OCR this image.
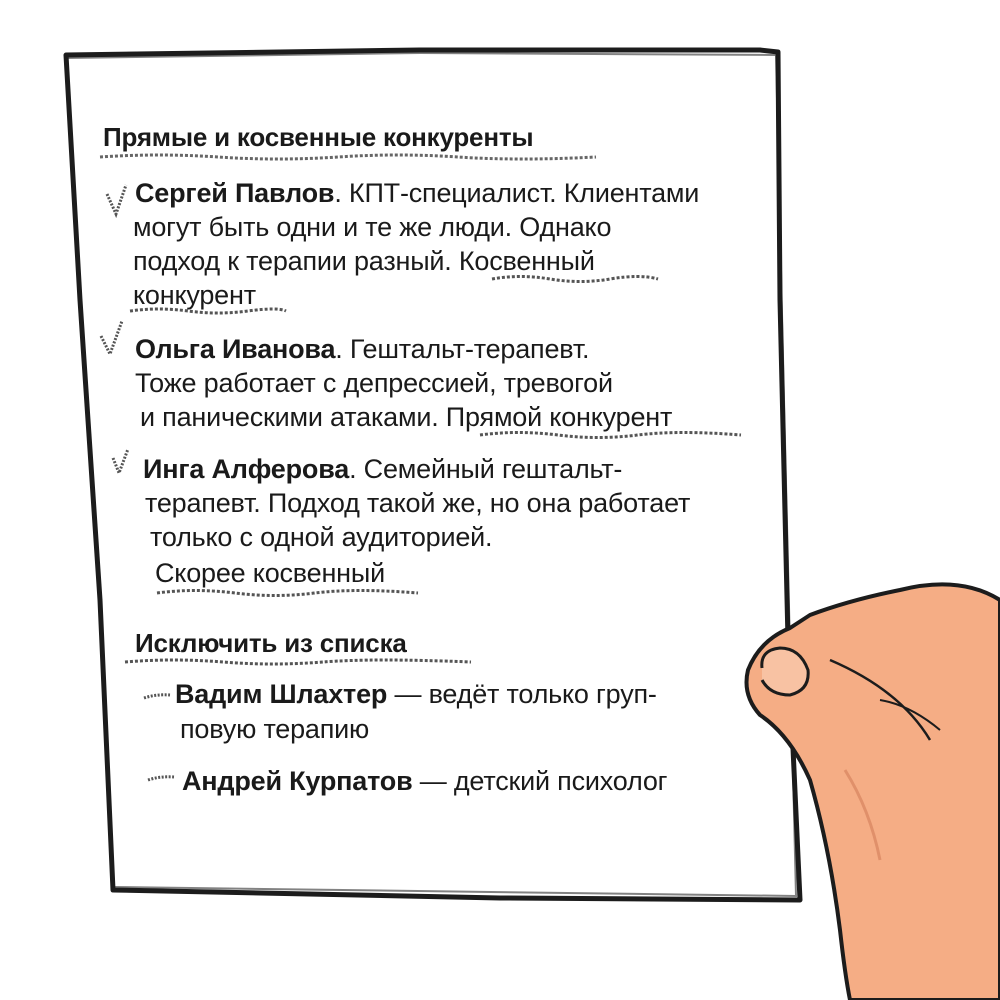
Прямые и косвенные конкуренты
Сергей Павлов. КПТ-специалист. Клиентами
могут быть одни и те же люди. Однако
подход к терапии разный. Косвенный
конкурент
Ольга Иванова. Гештальт-терапевт.
Тоже работает с депрессией, тревогой
и паническими атаками. Прямой конкурент
Инга Алферова. Семейный гештальт-
терапевт. Подход такой же, но она работает
только с одной аудиторией.
Скорее косвенный
Исключить из списка
Вадим Шлахтер — ведёт только груп-
повую терапию
Андрей Курпатов — детский психолог
